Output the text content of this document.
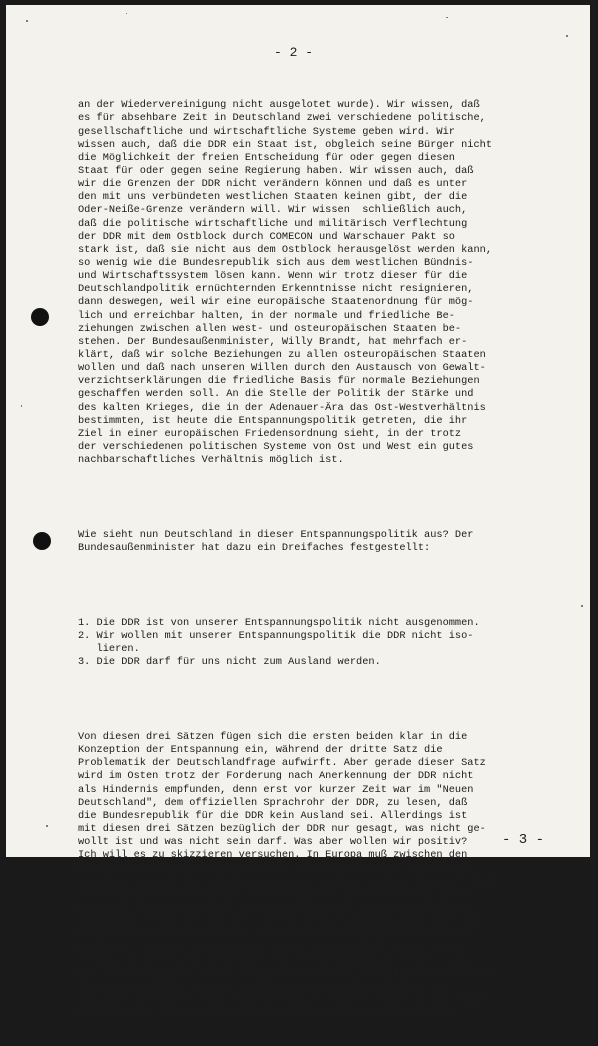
- 2 -

an der Wiedervereinigung nicht ausgelotet wurde). Wir wissen, daß
es für absehbare Zeit in Deutschland zwei verschiedene politische,
gesellschaftliche und wirtschaftliche Systeme geben wird. Wir
wissen auch, daß die DDR ein Staat ist, obgleich seine Bürger nicht
die Möglichkeit der freien Entscheidung für oder gegen diesen
Staat für oder gegen seine Regierung haben. Wir wissen auch, daß
wir die Grenzen der DDR nicht verändern können und daß es unter
den mit uns verbündeten westlichen Staaten keinen gibt, der die
Oder-Neiße-Grenze verändern will. Wir wissen  schließlich auch,
daß die politische wirtschaftliche und militärisch Verflechtung
der DDR mit dem Ostblock durch COMECON und Warschauer Pakt so
stark ist, daß sie nicht aus dem Ostblock herausgelöst werden kann,
so wenig wie die Bundesrepublik sich aus dem westlichen Bündnis-
und Wirtschaftssystem lösen kann. Wenn wir trotz dieser für die
Deutschlandpolitik ernüchternden Erkenntnisse nicht resignieren,
dann deswegen, weil wir eine europäische Staatenordnung für mög-
lich und erreichbar halten, in der normale und friedliche Be-
ziehungen zwischen allen west- und osteuropäischen Staaten be-
stehen. Der Bundesaußenminister, Willy Brandt, hat mehrfach er-
klärt, daß wir solche Beziehungen zu allen osteuropäischen Staaten
wollen und daß nach unseren Willen durch den Austausch von Gewalt-
verzichtserklärungen die friedliche Basis für normale Beziehungen
geschaffen werden soll. An die Stelle der Politik der Stärke und
des kalten Krieges, die in der Adenauer-Ära das Ost-Westverhältnis
bestimmten, ist heute die Entspannungspolitik getreten, die ihr
Ziel in einer europäischen Friedensordnung sieht, in der trotz
der verschiedenen politischen Systeme von Ost und West ein gutes
nachbarschaftliches Verhältnis möglich ist.

Wie sieht nun Deutschland in dieser Entspannungspolitik aus? Der
Bundesaußenminister hat dazu ein Dreifaches festgestellt:

1. Die DDR ist von unserer Entspannungspolitik nicht ausgenommen.
2. Wir wollen mit unserer Entspannungspolitik die DDR nicht iso-
lieren.
3. Die DDR darf für uns nicht zum Ausland werden.

Von diesen drei Sätzen fügen sich die ersten beiden klar in die
Konzeption der Entspannung ein, während der dritte Satz die
Problematik der Deutschlandfrage aufwirft. Aber gerade dieser Satz
wird im Osten trotz der Forderung nach Anerkennung der DDR nicht
als Hindernis empfunden, denn erst vor kurzer Zeit war im "Neuen
Deutschland", dem offiziellen Sprachrohr der DDR, zu lesen, daß
die Bundesrepublik für die DDR kein Ausland sei. Allerdings ist
mit diesen drei Sätzen bezüglich der DDR nur gesagt, was nicht ge-
wollt ist und was nicht sein darf. Was aber wollen wir positiv?
Ich will es zu skizzieren versuchen. In Europa muß zwischen den
beiden Großmächten eine von diesen anerkannte und als gerecht an-
gesehene europäische Staatenordnung entstehen, in der die west- und
osteuropäischen Staaten in den wichtigsten Lebensfragen zusammen-
arbeiten, ihre Sicherheit gemeinsam bedenken, ihre Wirtschaftsbe-
ziehungen verstärken und bei diesem einander Näherkommen auch den
beiden Teilstaaten ihr Recht auf friedliche Wiedervereinigung zu-
gestehen. Das aber kann nur in einem längeren Zeitraum erreicht
werden, in dem viele Gespräche und Verhandlungen zu führen sind.
Für Deutschland ist dabei zunächst nicht mehr als eine konföderative
Zusammenarbeit der beiden politisch und gesellschaftlich ver-
schieden geordneten Teilstaaten möglich. Sicher hängt das Zustande-
kommen einer solchen dauerhaften europäischen Friedensordnung

- 3 -
